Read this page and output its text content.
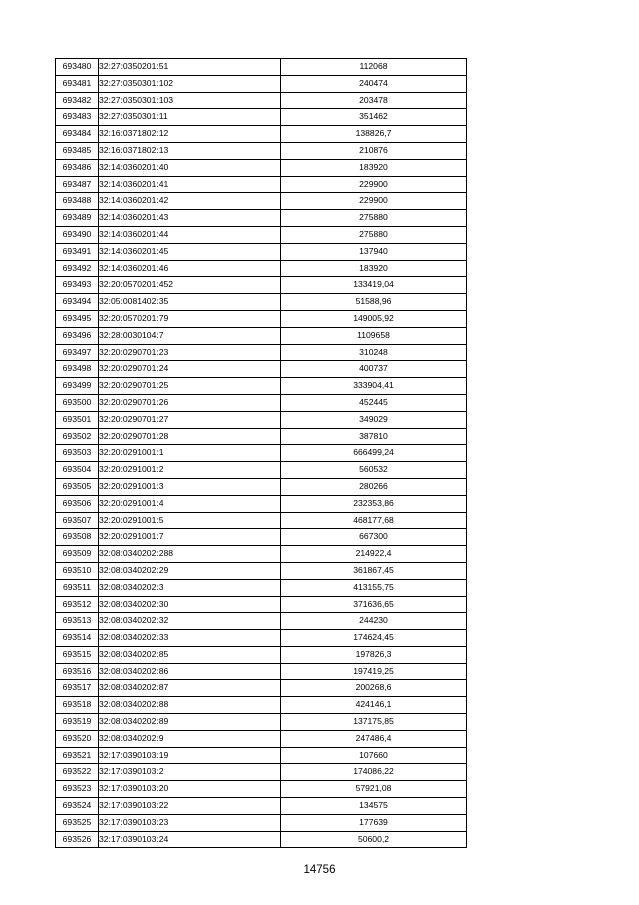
693480	32:27:0350201:51	112068
693481	32:27:0350301:102	240474
693482	32:27:0350301:103	203478
693483	32:27:0350301:11	351462
693484	32:16:0371802:12	138826,7
693485	32:16:0371802:13	210876
693486	32:14:0360201:40	183920
693487	32:14:0360201:41	229900
693488	32:14:0360201:42	229900
693489	32:14:0360201:43	275880
693490	32:14:0360201:44	275880
693491	32:14:0360201:45	137940
693492	32:14:0360201:46	183920
693493	32:20:0570201:452	133419,04
693494	32:05:0081402:35	51588,96
693495	32:20:0570201:79	149005,92
693496	32:28:0030104:7	1109658
693497	32:20:0290701:23	310248
693498	32:20:0290701:24	400737
693499	32:20:0290701:25	333904,41
693500	32:20:0290701:26	452445
693501	32:20:0290701:27	349029
693502	32:20:0290701:28	387810
693503	32:20:0291001:1	666499,24
693504	32:20:0291001:2	560532
693505	32:20:0291001:3	280266
693506	32:20:0291001:4	232353,86
693507	32:20:0291001:5	468177,68
693508	32:20:0291001:7	667300
693509	32:08:0340202:288	214922,4
693510	32:08:0340202:29	361867,45
693511	32:08:0340202:3	413155,75
693512	32:08:0340202:30	371636,65
693513	32:08:0340202:32	244230
693514	32:08:0340202:33	174624,45
693515	32:08:0340202:85	197826,3
693516	32:08:0340202:86	197419,25
693517	32:08:0340202:87	200268,6
693518	32:08:0340202:88	424146,1
693519	32:08:0340202:89	137175,85
693520	32:08:0340202:9	247486,4
693521	32:17:0390103:19	107660
693522	32:17:0390103:2	174086,22
693523	32:17:0390103:20	57921,08
693524	32:17:0390103:22	134575
693525	32:17:0390103:23	177639
693526	32:17:0390103:24	50600,2
14756
